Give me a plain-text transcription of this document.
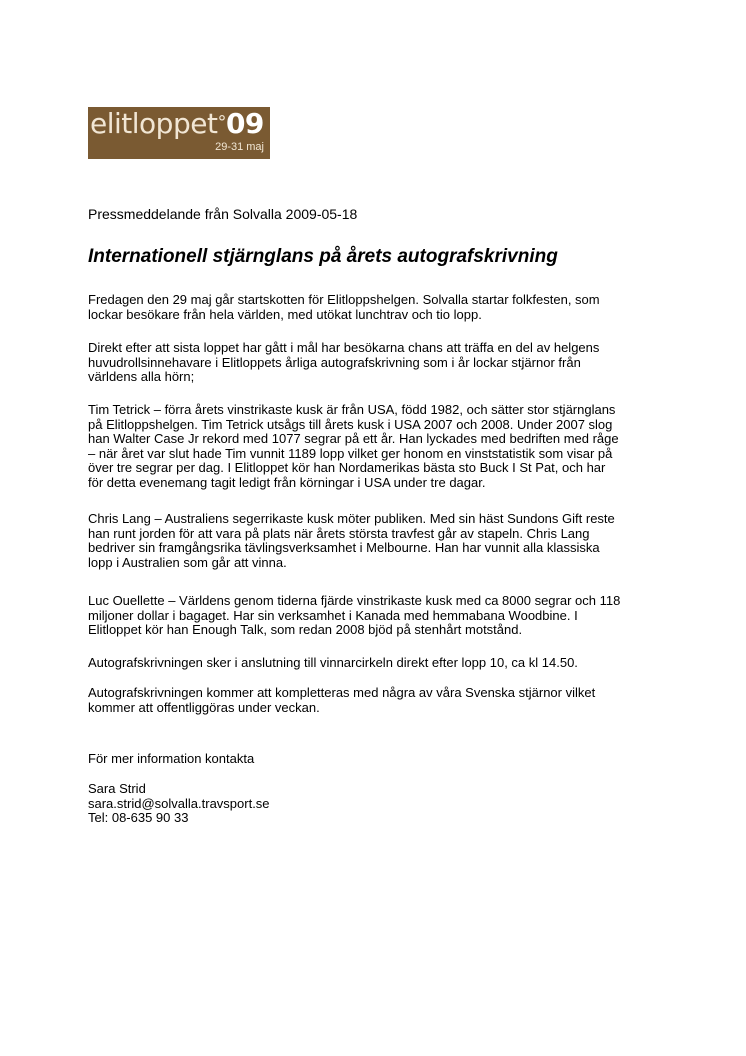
elitloppet°09
29-31 maj
Pressmeddelande från Solvalla 2009-05-18
Internationell stjärnglans på årets autografskrivning
Fredagen den 29 maj går startskotten för Elitloppshelgen. Solvalla startar folkfesten, som
lockar besökare från hela världen, med utökat lunchtrav och tio lopp.
Direkt efter att sista loppet har gått i mål har besökarna chans att träffa en del av helgens
huvudrollsinnehavare i Elitloppets årliga autografskrivning som i år lockar stjärnor från
världens alla hörn;
Tim Tetrick – förra årets vinstrikaste kusk är från USA, född 1982, och sätter stor stjärnglans
på Elitloppshelgen. Tim Tetrick utsågs till årets kusk i USA 2007 och 2008. Under 2007 slog
han Walter Case Jr rekord med 1077 segrar på ett år. Han lyckades med bedriften med råge
– när året var slut hade Tim vunnit 1189 lopp vilket ger honom en vinststatistik som visar på
över tre segrar per dag. I Elitloppet kör han Nordamerikas bästa sto Buck I St Pat, och har
för detta evenemang tagit ledigt från körningar i USA under tre dagar.
Chris Lang – Australiens segerrikaste kusk möter publiken. Med sin häst Sundons Gift reste
han runt jorden för att vara på plats när årets största travfest går av stapeln. Chris Lang
bedriver sin framgångsrika tävlingsverksamhet i Melbourne. Han har vunnit alla klassiska
lopp i Australien som går att vinna.
Luc Ouellette – Världens genom tiderna fjärde vinstrikaste kusk med ca 8000 segrar och 118
miljoner dollar i bagaget. Har sin verksamhet i Kanada med hemmabana Woodbine. I
Elitloppet kör han Enough Talk, som redan 2008 bjöd på stenhårt motstånd.
Autografskrivningen sker i anslutning till vinnarcirkeln direkt efter lopp 10, ca kl 14.50.
Autografskrivningen kommer att kompletteras med några av våra Svenska stjärnor vilket
kommer att offentliggöras under veckan.
För mer information kontakta
Sara Strid
sara.strid@solvalla.travsport.se
Tel: 08-635 90 33
